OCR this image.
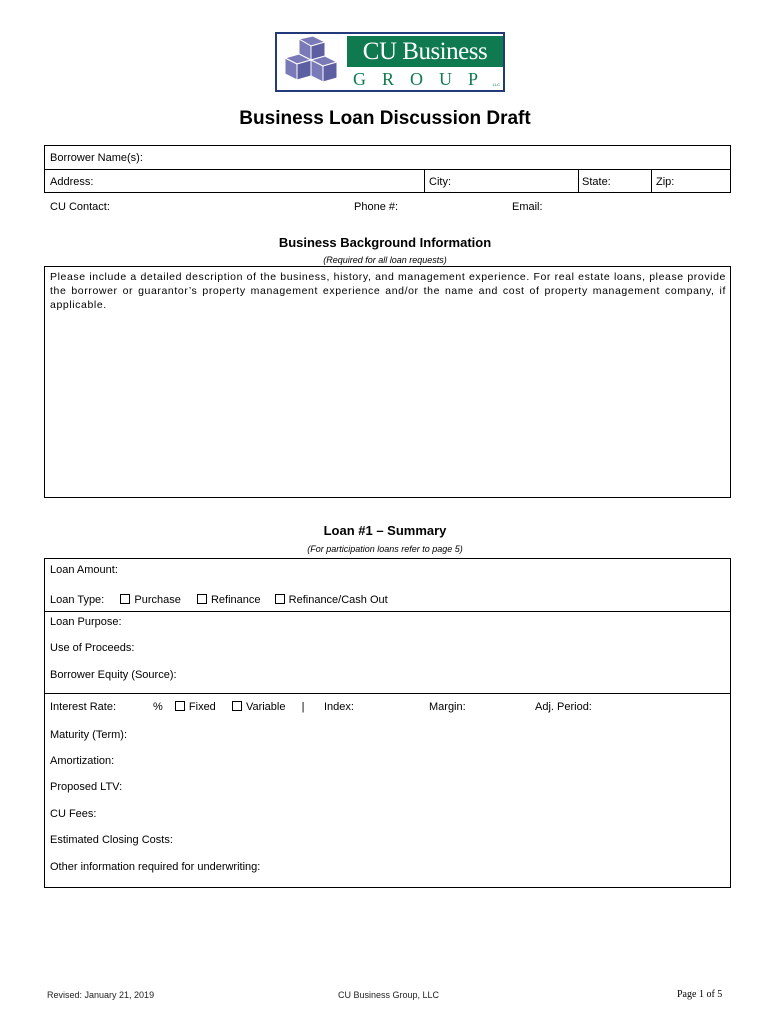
CU Business
GROUP
LLC
Business Loan Discussion Draft
Borrower Name(s):
Address:	City:	State:	Zip:
CU Contact:	Phone #:	Email:
Business Background Information
(Required for all loan requests)
Please include a detailed description of the business, history, and management experience. For real estate loans, please provide the borrower or guarantor’s property management experience and/or the name and cost of property management company, if applicable.
Loan #1 – Summary
(For participation loans refer to page 5)
Loan Amount:
Loan Type:	Purchase	Refinance	Refinance/Cash Out
Loan Purpose:
Use of Proceeds:
Borrower Equity (Source):
Interest Rate:	% Fixed	Variable | Index:	Margin:	Adj. Period:
Maturity (Term):
Amortization:
Proposed LTV:
CU Fees:
Estimated Closing Costs:
Other information required for underwriting:
Revised: January 21, 2019	CU Business Group, LLC	Page 1 of 5
